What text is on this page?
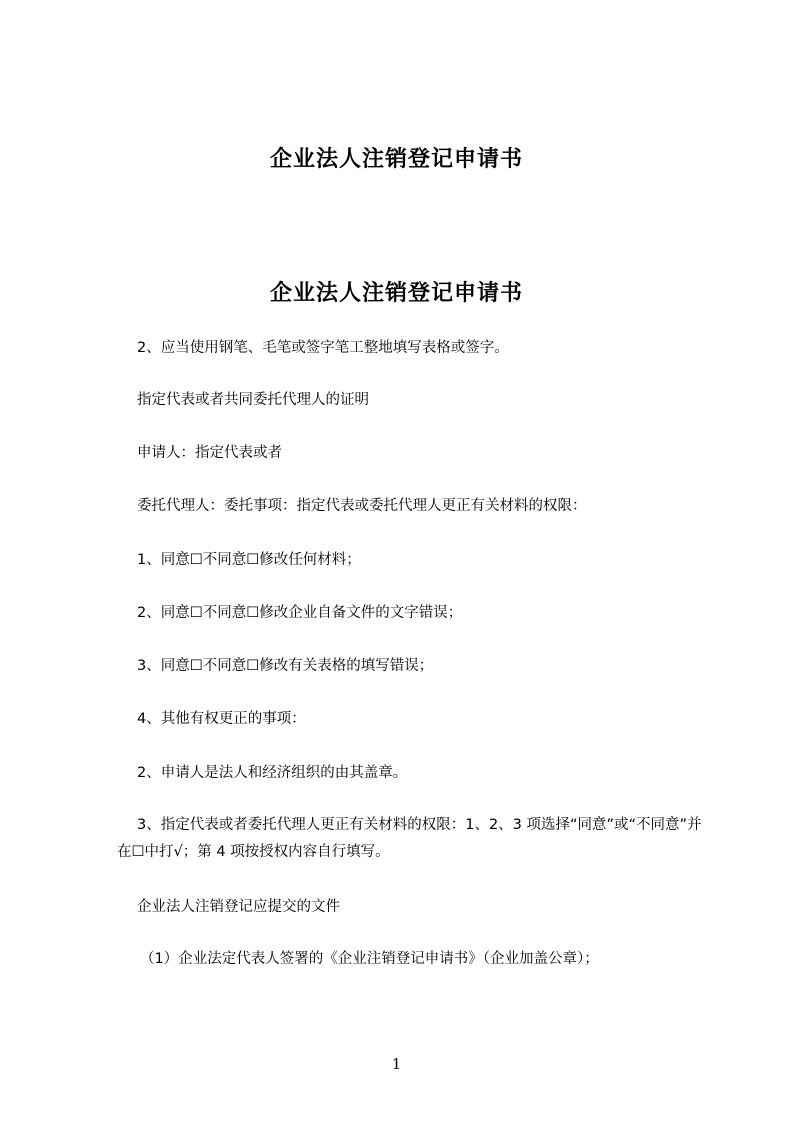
企业法人注销登记申请书
企业法人注销登记申请书
2、应当使用钢笔、毛笔或签字笔工整地填写表格或签字。
指定代表或者共同委托代理人的证明
申请人：指定代表或者
委托代理人：委托事项：指定代表或委托代理人更正有关材料的权限：
1、同意☐不同意☐修改任何材料；
2、同意☐不同意☐修改企业自备文件的文字错误；
3、同意☐不同意☐修改有关表格的填写错误；
4、其他有权更正的事项：
2、申请人是法人和经济组织的由其盖章。
3、指定代表或者委托代理人更正有关材料的权限：1、2、3 项选择“同意”或“不同意”并在☐中打√；第 4 项按授权内容自行填写。
企业法人注销登记应提交的文件
（1）企业法定代表人签署的《企业注销登记申请书》（企业加盖公章）；
1
